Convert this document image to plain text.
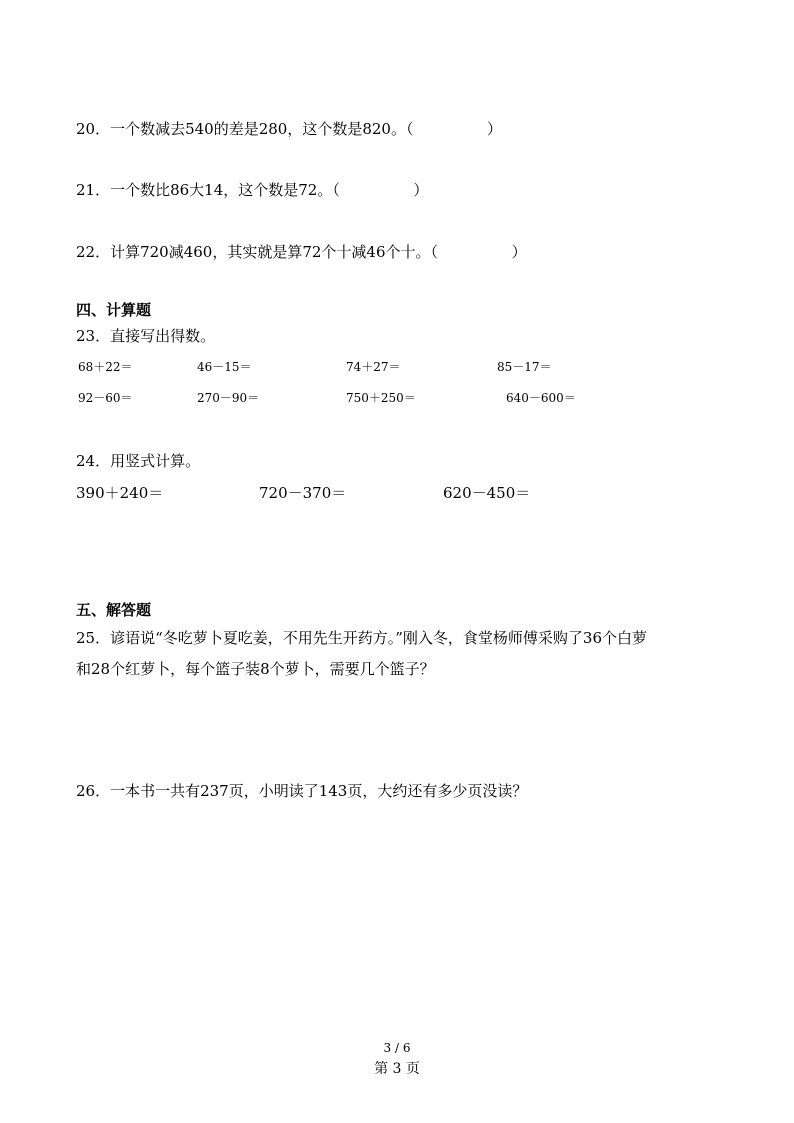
20．一个数减去540的差是280，这个数是820。（	）
21．一个数比86大14，这个数是72。（	）
22．计算720减460，其实就是算72个十减46个十。（	）
四、计算题
23．直接写出得数。
68＋22＝	46－15＝	74＋27＝	85－17＝
92－60＝	270－90＝	750＋250＝	640－600＝
24．用竖式计算。
390＋240＝	720－370＝	620－450＝
五、解答题
25．谚语说“冬吃萝卜夏吃姜，不用先生开药方。”刚入冬，食堂杨师傅采购了36个白萝
和28个红萝卜，每个篮子装8个萝卜，需要几个篮子？
26．一本书一共有237页，小明读了143页，大约还有多少页没读？
3 / 6
第 3 页
